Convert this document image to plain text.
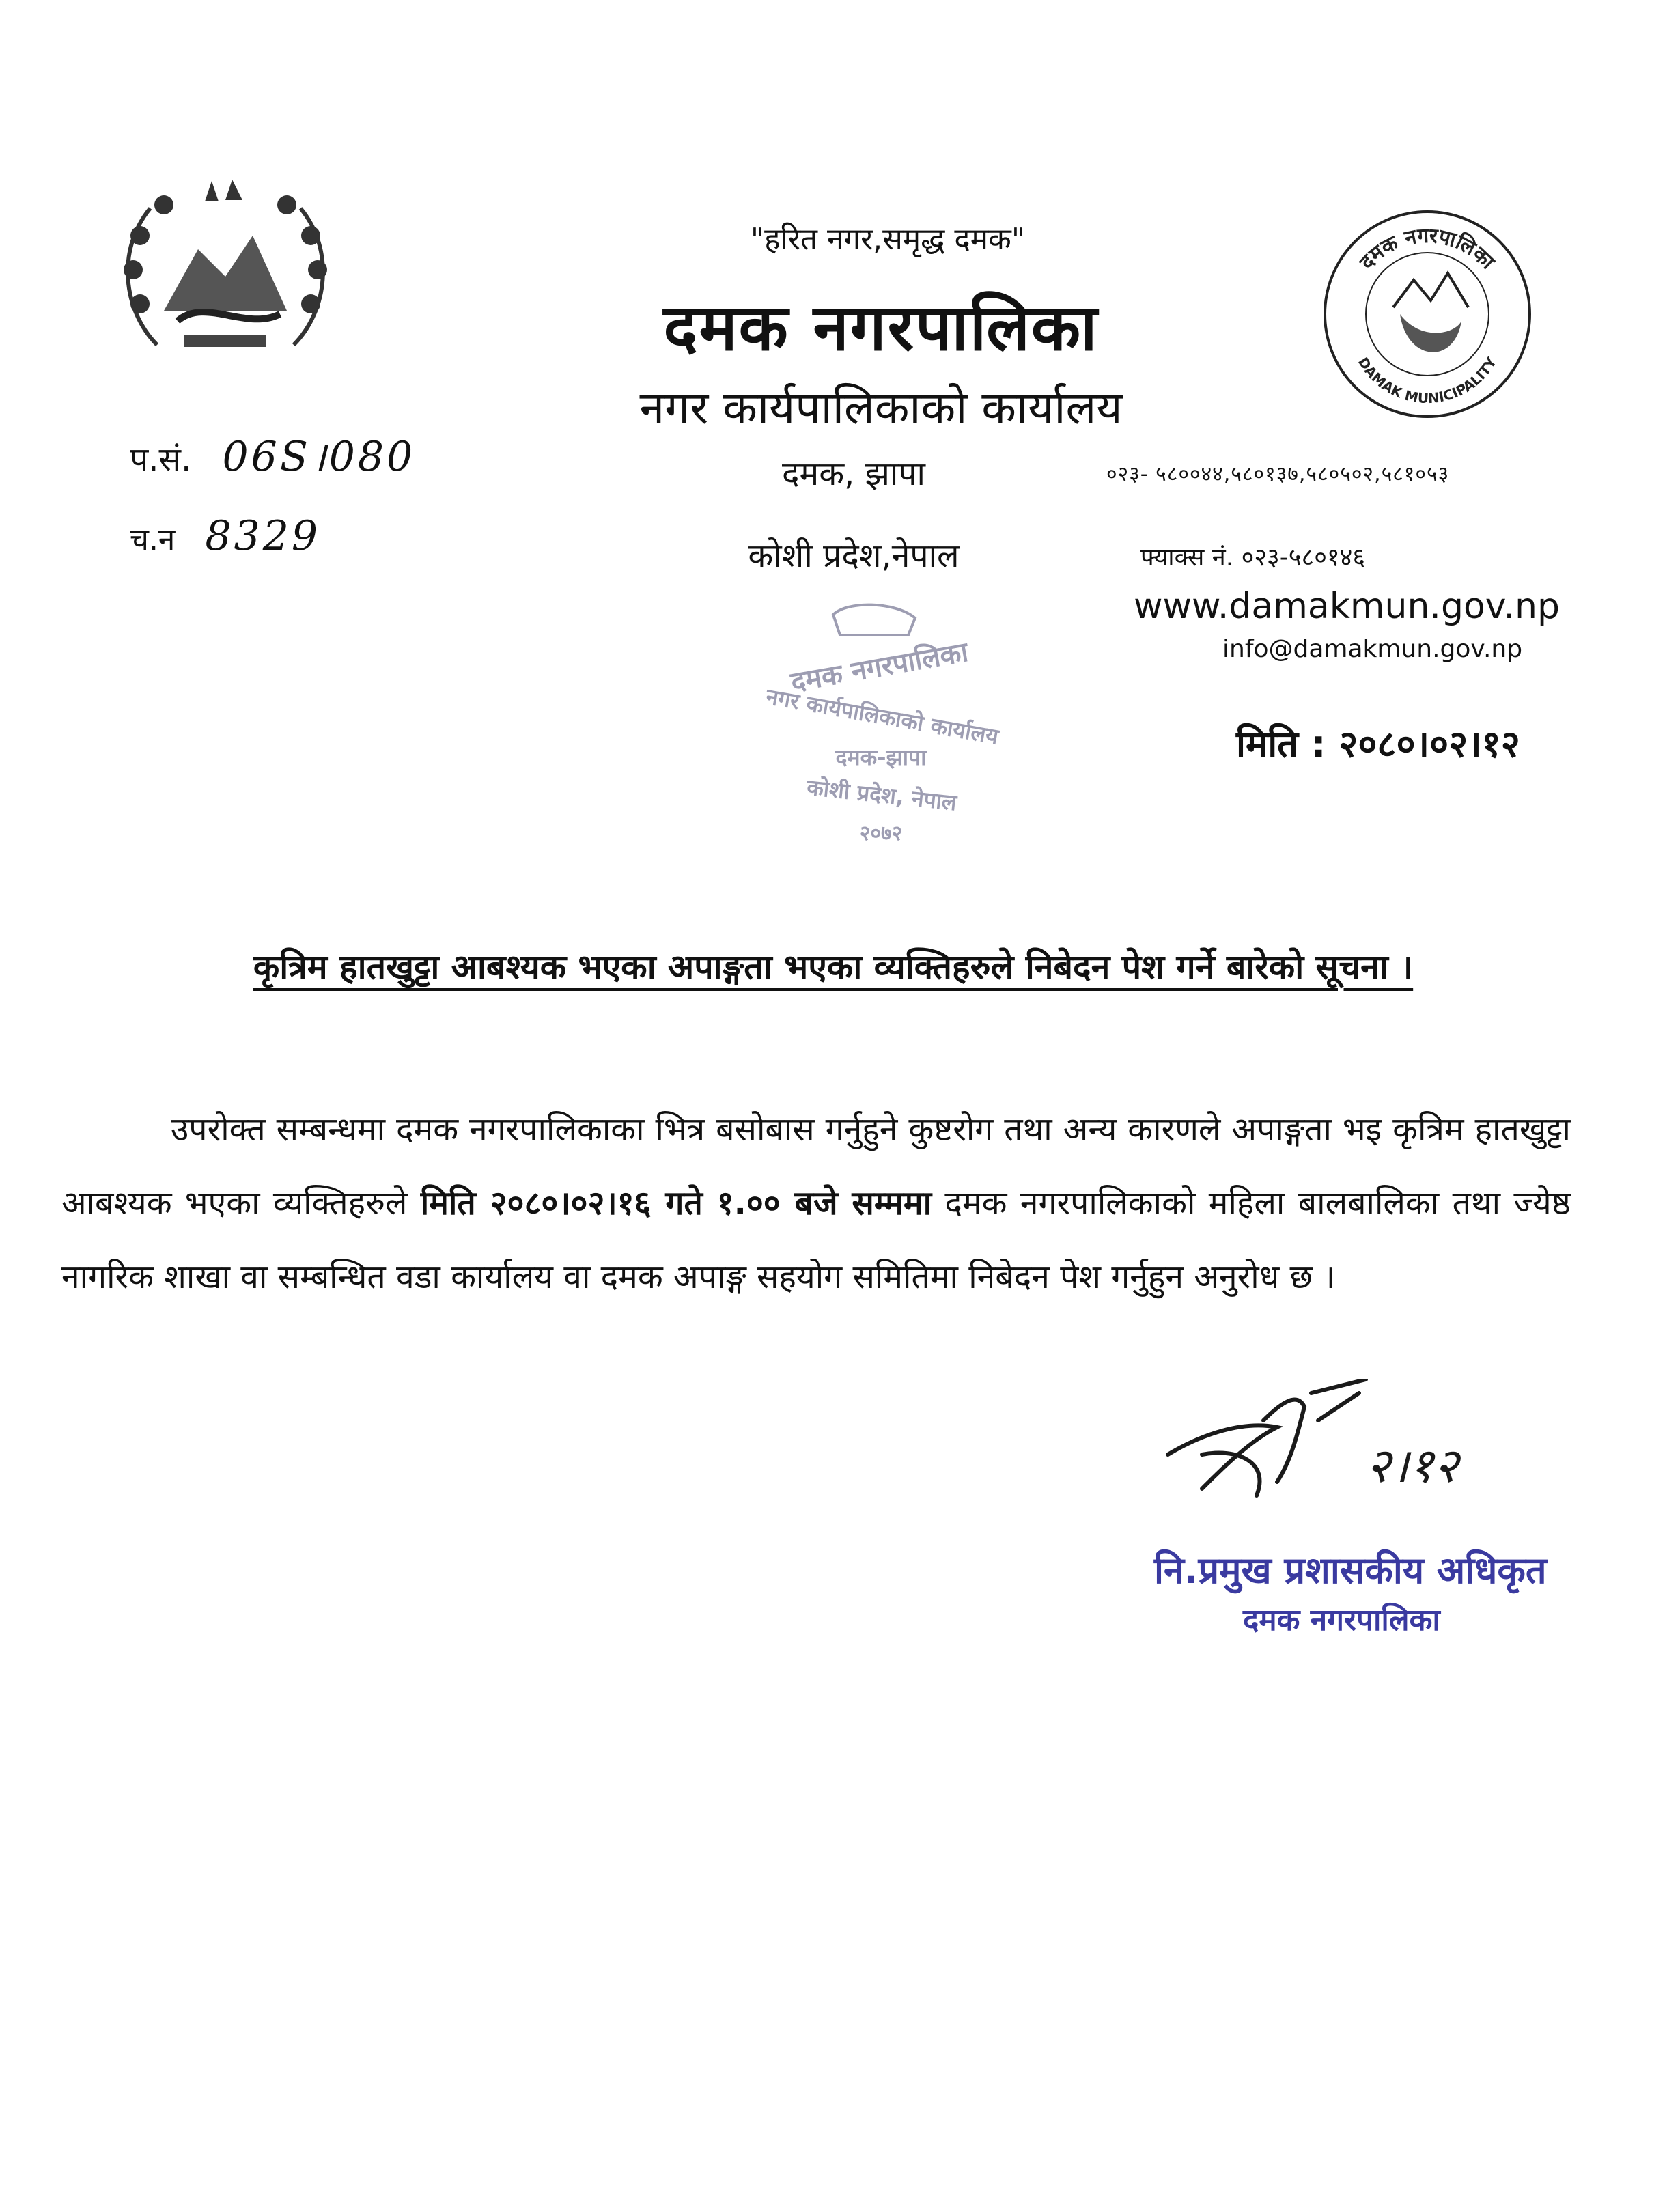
"हरित नगर,समृद्ध दमक"
दमक नगरपालिका
नगर कार्यपालिकाको कार्यालय
दमक, झापा
कोशी प्रदेश,नेपाल
दमक नगरपालिका
DAMAK MUNICIPALITY
०२३- ५८००४४,५८०१३७,५८०५०२,५८१०५३
फ्याक्स नं. ०२३-५८०१४६
www.damakmun.gov.np
info@damakmun.gov.np
मिति : २०८०।०२।१२
प.सं. 06S।080
च.न 8329
दमक नगरपालिका
नगर कार्यपालिकाको कार्यालय
दमक-झापा
कोशी प्रदेश, नेपाल
२०७२
कृत्रिम हातखुट्टा आबश्यक भएका अपाङ्गता भएका व्यक्तिहरुले निबेदन पेश गर्ने बारेको सूचना ।
उपरोक्त सम्बन्धमा दमक नगरपालिकाका भित्र बसोबास गर्नुहुने कुष्टरोग तथा अन्य कारणले अपाङ्गता भइ कृत्रिम हातखुट्टा आबश्यक भएका व्यक्तिहरुले मिति २०८०।०२।१६ गते १.०० बजे सम्ममा दमक नगरपालिकाको महिला बालबालिका तथा ज्येष्ठ नागरिक शाखा वा सम्बन्धित वडा कार्यालय वा दमक अपाङ्ग सहयोग समितिमा निबेदन पेश गर्नुहुन अनुरोध छ ।
२।१२
नि.प्रमुख प्रशासकीय अधिकृत
दमक नगरपालिका
